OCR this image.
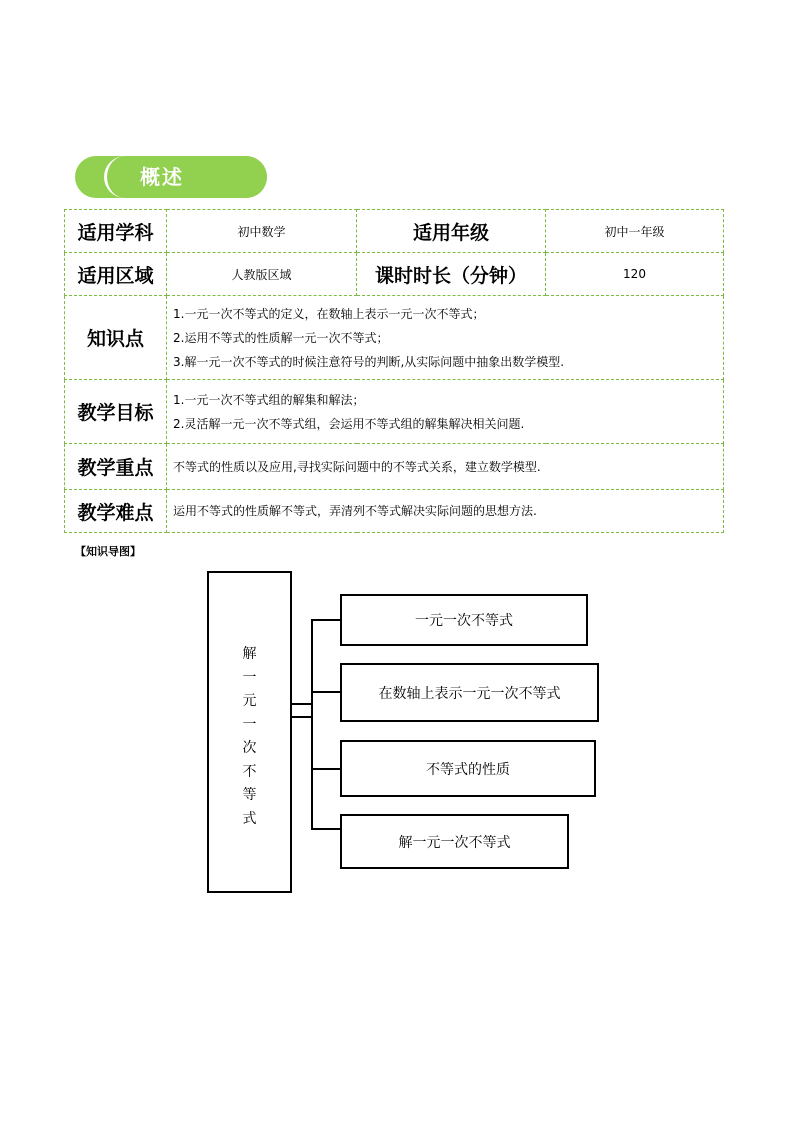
概述
适用学科	初中数学	适用年级	初中一年级
适用区域	人教版区域	课时时长（分钟）	120
知识点	1.一元一次不等式的定义，在数轴上表示一元一次不等式；

2.运用不等式的性质解一元一次不等式；

3.解一元一次不等式的时候注意符号的判断,从实际问题中抽象出数学模型.		

教学目标	1.一元一次不等式组的解集和解法；

2.灵活解一元一次不等式组，会运用不等式组的解集解决相关问题.		

教学重点	不等式的性质以及应用,寻找实际问题中的不等式关系，建立数学模型.		
教学难点	运用不等式的性质解不等式，弄清列不等式解决实际问题的思想方法.		
【知识导图】
解
一
元
一
次
不
等
式
一元一次不等式
在数轴上表示一元一次不等式
不等式的性质
解一元一次不等式
